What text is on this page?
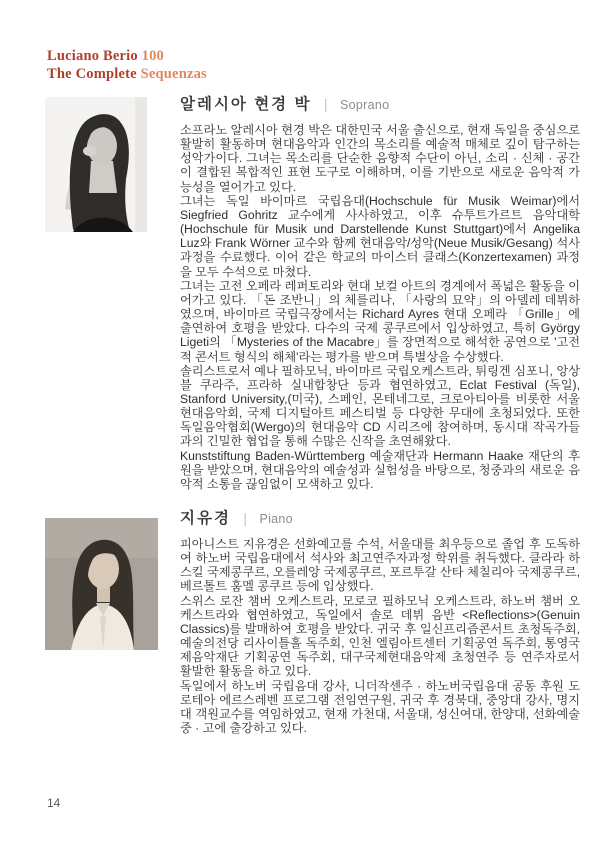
Luciano Berio 100
The Complete Sequenzas
알레시아 현경 박 | Soprano

소프라노 알레시아 현경 박은 대한민국 서울 출신으로, 현재 독일을 중심으로 활발히 활동하며 현대음악과 인간의 목소리를 예술적 매체로 깊이 탐구하는 성악가이다. 그녀는 목소리를 단순한 음향적 수단이 아닌, 소리 · 신체 · 공간이 결합된 복합적인 표현 도구로 이해하며, 이를 기반으로 새로운 음악적 가능성을 열어가고 있다.

그녀는 독일 바이마르 국립음대(Hochschule für Musik Weimar)에서 Siegfried Gohritz 교수에게 사사하였고, 이후 슈투트가르트 음악대학(Hochschule für Musik und Darstellende Kunst Stuttgart)에서 Angelika Luz와 Frank Wörner 교수와 함께 현대음악/성악(Neue Musik/Gesang) 석사 과정을 수료했다. 이어 같은 학교의 마이스터 클래스(Konzertexamen) 과정을 모두 수석으로 마쳤다.

그녀는 고전 오페라 레퍼토리와 현대 보컬 아트의 경계에서 폭넓은 활동을 이어가고 있다. 「돈 조반니」의 체를리나, 「사랑의 묘약」의 아델레 데뷔하였으며, 바이마르 국립극장에서는 Richard Ayres 현대 오페라 「Grille」에 출연하여 호평을 받았다. 다수의 국제 콩쿠르에서 입상하였고, 특히 György Ligeti의 「Mysteries of the Macabre」를 장면적으로 해석한 공연으로 '고전적 콘서트 형식의 해체'라는 평가를 받으며 특별상을 수상했다.

솔리스트로서 예나 필하모닉, 바이마르 국립오케스트라, 튀링겐 심포니, 앙상블 쿠라주, 프라하 실내합창단 등과 협연하였고, Eclat Festival (독일), Stanford University,(미국), 스페인, 몬테네그로, 크로아티아를 비롯한 서울 현대음악회, 국제 디지털아트 페스티벌 등 다양한 무대에 초청되었다. 또한 독일음악협회(Wergo)의 현대음악 CD 시리즈에 참여하며, 동시대 작곡가들과의 긴밀한 협업을 통해 수많은 신작을 초연해왔다.

Kunststiftung Baden-Württemberg 예술재단과 Hermann Haake 재단의 후원을 받았으며, 현대음악의 예술성과 실험성을 바탕으로, 청중과의 새로운 음악적 소통을 끊임없이 모색하고 있다.

지유경 | Piano

피아니스트 지유경은 선화예고를 수석, 서울대를 최우등으로 졸업 후 도독하여 하노버 국립음대에서 석사와 최고연주자과정 학위를 취득했다. 클라라 하스킬 국제콩쿠르, 오를레앙 국제콩쿠르, 포르투갈 산타 체칠리아 국제콩쿠르, 베르톨트 훔멜 콩쿠르 등에 입상했다.

스위스 로잔 챔버 오케스트라, 모로코 필하모닉 오케스트라, 하노버 챔버 오케스트라와 협연하였고, 독일에서 솔로 데뷔 음반 <Reflections>(Genuin Classics)를 발매하여 호평을 받았다. 귀국 후 일신프리즘콘서트 초청독주회, 예술의전당 리사이틀홀 독주회, 인천 엘림아트센터 기획공연 독주회, 통영국제음악재단 기획공연 독주회, 대구국제현대음악제 초청연주 등 연주자로서 활발한 활동을 하고 있다.

독일에서 하노버 국립음대 강사, 니더작센주 · 하노버국립음대 공동 후원 도로테아 에르스레벤 프로그램 전임연구원, 귀국 후 경북대, 중앙대 강사, 명지대 객원교수를 역임하였고, 현재 가천대, 서울대, 성신여대, 한양대, 선화예술중 · 고에 출강하고 있다.

14
